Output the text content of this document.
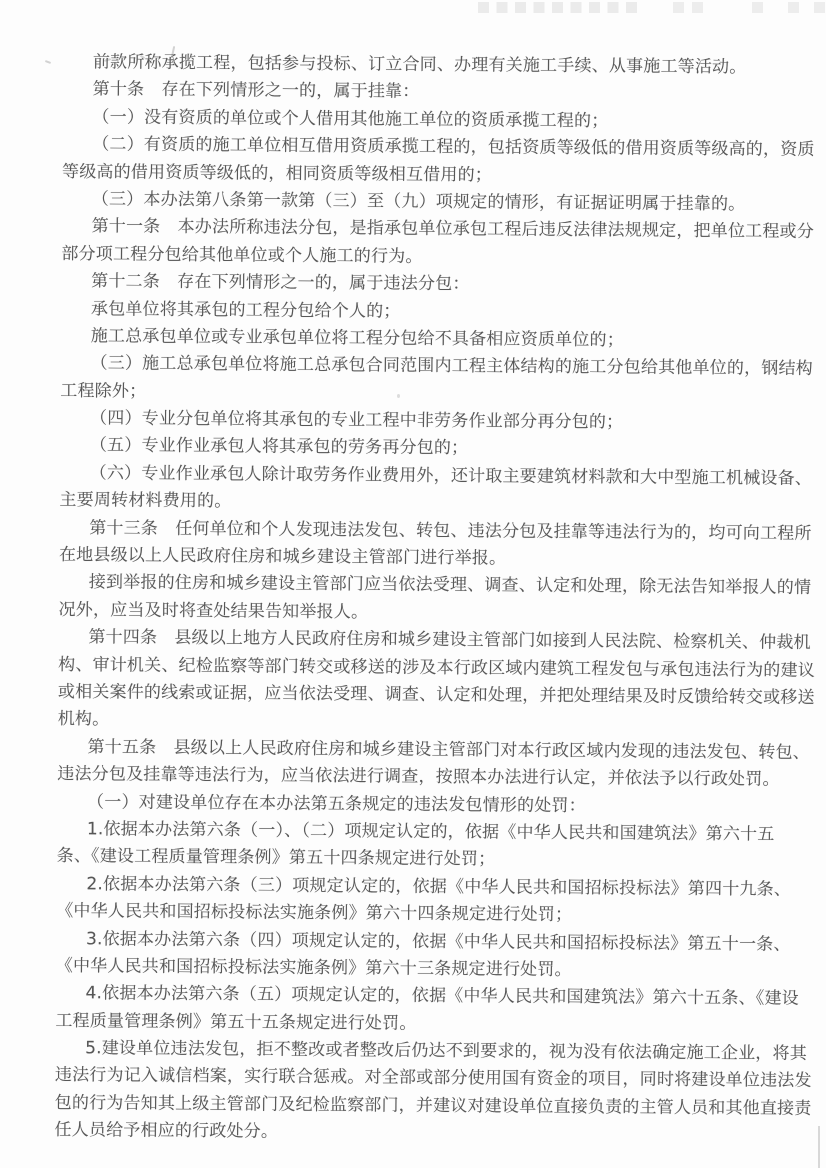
前款所称承揽工程，包括参与投标、订立合同、办理有关施工手续、从事施工等活动。
第十条　存在下列情形之一的，属于挂靠：
（一）没有资质的单位或个人借用其他施工单位的资质承揽工程的；
（二）有资质的施工单位相互借用资质承揽工程的，包括资质等级低的借用资质等级高的，资质
等级高的借用资质等级低的，相同资质等级相互借用的；
（三）本办法第八条第一款第（三）至（九）项规定的情形，有证据证明属于挂靠的。
第十一条　本办法所称违法分包，是指承包单位承包工程后违反法律法规规定，把单位工程或分
部分项工程分包给其他单位或个人施工的行为。
第十二条　存在下列情形之一的，属于违法分包：
承包单位将其承包的工程分包给个人的；
施工总承包单位或专业承包单位将工程分包给不具备相应资质单位的；
（三）施工总承包单位将施工总承包合同范围内工程主体结构的施工分包给其他单位的，钢结构
工程除外；
（四）专业分包单位将其承包的专业工程中非劳务作业部分再分包的；
（五）专业作业承包人将其承包的劳务再分包的；
（六）专业作业承包人除计取劳务作业费用外，还计取主要建筑材料款和大中型施工机械设备、
主要周转材料费用的。
第十三条　任何单位和个人发现违法发包、转包、违法分包及挂靠等违法行为的，均可向工程所
在地县级以上人民政府住房和城乡建设主管部门进行举报。
接到举报的住房和城乡建设主管部门应当依法受理、调查、认定和处理，除无法告知举报人的情
况外，应当及时将查处结果告知举报人。
第十四条　县级以上地方人民政府住房和城乡建设主管部门如接到人民法院、检察机关、仲裁机
构、审计机关、纪检监察等部门转交或移送的涉及本行政区域内建筑工程发包与承包违法行为的建议
或相关案件的线索或证据，应当依法受理、调查、认定和处理，并把处理结果及时反馈给转交或移送
机构。
第十五条　县级以上人民政府住房和城乡建设主管部门对本行政区域内发现的违法发包、转包、
违法分包及挂靠等违法行为，应当依法进行调查，按照本办法进行认定，并依法予以行政处罚。
（一）对建设单位存在本办法第五条规定的违法发包情形的处罚：
1.依据本办法第六条（一）、（二）项规定认定的，依据《中华人民共和国建筑法》第六十五
条、《建设工程质量管理条例》第五十四条规定进行处罚；
2.依据本办法第六条（三）项规定认定的，依据《中华人民共和国招标投标法》第四十九条、
《中华人民共和国招标投标法实施条例》第六十四条规定进行处罚；
3.依据本办法第六条（四）项规定认定的，依据《中华人民共和国招标投标法》第五十一条、
《中华人民共和国招标投标法实施条例》第六十三条规定进行处罚。
4.依据本办法第六条（五）项规定认定的，依据《中华人民共和国建筑法》第六十五条、《建设
工程质量管理条例》第五十五条规定进行处罚。
5.建设单位违法发包，拒不整改或者整改后仍达不到要求的，视为没有依法确定施工企业，将其
违法行为记入诚信档案，实行联合惩戒。对全部或部分使用国有资金的项目，同时将建设单位违法发
包的行为告知其上级主管部门及纪检监察部门，并建议对建设单位直接负责的主管人员和其他直接责
任人员给予相应的行政处分。
